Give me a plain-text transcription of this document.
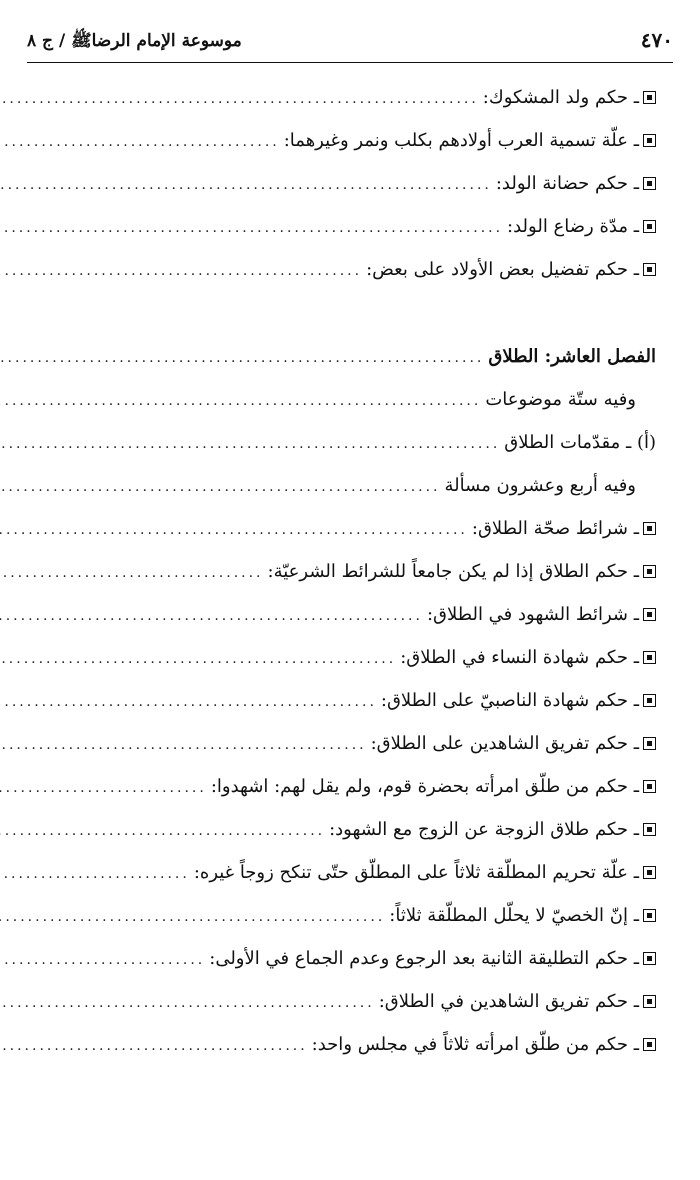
٤٧٠
موسوعة الإمام الرضاﷺ / ج ٨
ـ حكم ولد المشكوك:
.....
ـ علّة تسمية العرب أولادهم بكلب ونمر وغيرهما:
.....
ـ حكم حضانة الولد:
.....
ـ مدّة رضاع الولد:
.....
ـ حكم تفضيل بعض الأولاد على بعض:
.....
الفصل العاشر: الطلاق
.....
وفيه ستّة موضوعات
.....
(أ) ـ مقدّمات الطلاق
.....
وفيه أربع وعشرون مسألة
.....
ـ شرائط صحّة الطلاق:
.....
ـ حكم الطلاق إذا لم يكن جامعاً للشرائط الشرعيّة:
.....
ـ شرائط الشهود في الطلاق:
.....
ـ حكم شهادة النساء في الطلاق:
.....
ـ حكم شهادة الناصبيّ على الطلاق:
.....
ـ حكم تفريق الشاهدين على الطلاق:
.....
ـ حكم من طلّق امرأته بحضرة قوم، ولم يقل لهم: اشهدوا:
.....
ـ حكم طلاق الزوجة عن الزوج مع الشهود:
.....
ـ علّة تحريم المطلّقة ثلاثاً على المطلّق حتّى تنكح زوجاً غيره:
.....
ـ إنّ الخصيّ لا يحلّل المطلّقة ثلاثاً:
.....
ـ حكم التطليقة الثانية بعد الرجوع وعدم الجماع في الأولى:
.....
ـ حكم تفريق الشاهدين في الطلاق:
.....
ـ حكم من طلّق امرأته ثلاثاً في مجلس واحد:
.....
